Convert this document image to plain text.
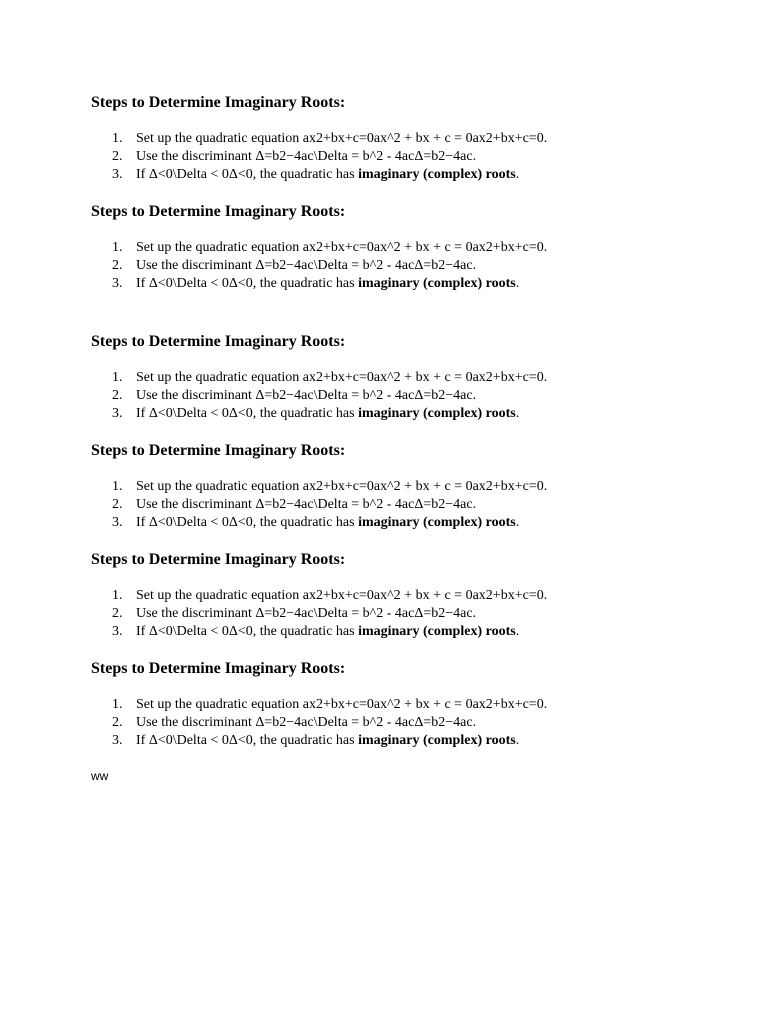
Steps to Determine Imaginary Roots:
1. Set up the quadratic equation ax2+bx+c=0ax^2 + bx + c = 0ax2+bx+c=0.
2. Use the discriminant Δ=b2−4ac\Delta = b^2 - 4acΔ=b2−4ac.
3. If Δ<0\Delta < 0Δ<0, the quadratic has imaginary (complex) roots.
Steps to Determine Imaginary Roots:
1. Set up the quadratic equation ax2+bx+c=0ax^2 + bx + c = 0ax2+bx+c=0.
2. Use the discriminant Δ=b2−4ac\Delta = b^2 - 4acΔ=b2−4ac.
3. If Δ<0\Delta < 0Δ<0, the quadratic has imaginary (complex) roots.
Steps to Determine Imaginary Roots:
1. Set up the quadratic equation ax2+bx+c=0ax^2 + bx + c = 0ax2+bx+c=0.
2. Use the discriminant Δ=b2−4ac\Delta = b^2 - 4acΔ=b2−4ac.
3. If Δ<0\Delta < 0Δ<0, the quadratic has imaginary (complex) roots.
Steps to Determine Imaginary Roots:
1. Set up the quadratic equation ax2+bx+c=0ax^2 + bx + c = 0ax2+bx+c=0.
2. Use the discriminant Δ=b2−4ac\Delta = b^2 - 4acΔ=b2−4ac.
3. If Δ<0\Delta < 0Δ<0, the quadratic has imaginary (complex) roots.
Steps to Determine Imaginary Roots:
1. Set up the quadratic equation ax2+bx+c=0ax^2 + bx + c = 0ax2+bx+c=0.
2. Use the discriminant Δ=b2−4ac\Delta = b^2 - 4acΔ=b2−4ac.
3. If Δ<0\Delta < 0Δ<0, the quadratic has imaginary (complex) roots.
Steps to Determine Imaginary Roots:
1. Set up the quadratic equation ax2+bx+c=0ax^2 + bx + c = 0ax2+bx+c=0.
2. Use the discriminant Δ=b2−4ac\Delta = b^2 - 4acΔ=b2−4ac.
3. If Δ<0\Delta < 0Δ<0, the quadratic has imaginary (complex) roots.
ww
